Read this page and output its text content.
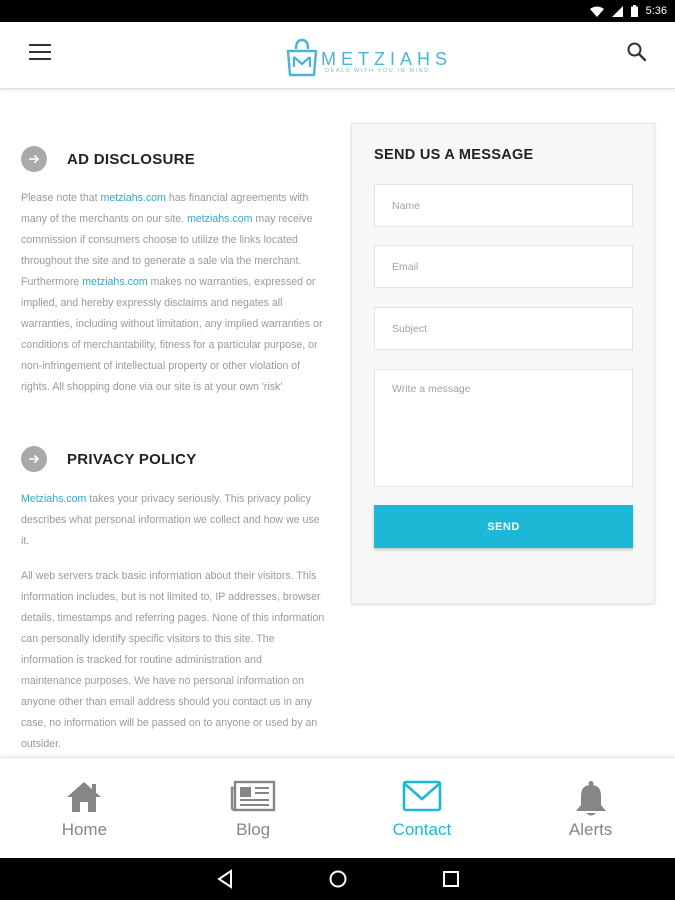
5:36
METZIAHS
DEALS WITH YOU IN MIND
AD DISCLOSURE

Please note that metziahs.com has financial agreements with many of the merchants on our site. metziahs.com may receive commission if consumers choose to utilize the links located throughout the site and to generate a sale via the merchant. Furthermore metziahs.com makes no warranties, expressed or implied, and hereby expressly disclaims and negates all warranties, including without limitation, any implied warranties or conditions of merchantability, fitness for a particular purpose, or non-infringement of intellectual property or other violation of rights. All shopping done via our site is at your own 'risk'

PRIVACY POLICY

Metziahs.com takes your privacy seriously. This privacy policy describes what personal information we collect and how we use it.

All web servers track basic information about their visitors. This information includes, but is not limited to, IP addresses, browser details, timestamps and referring pages. None of this information can personally identify specific visitors to this site. The information is tracked for routine administration and maintenance purposes. We have no personal information on anyone other than email address should you contact us in any case, no information will be passed on to anyone or used by an outsider.

SEND US A MESSAGE
Name
Email
Subject
Write a message
SEND
Home	Blog	Contact	Alerts
